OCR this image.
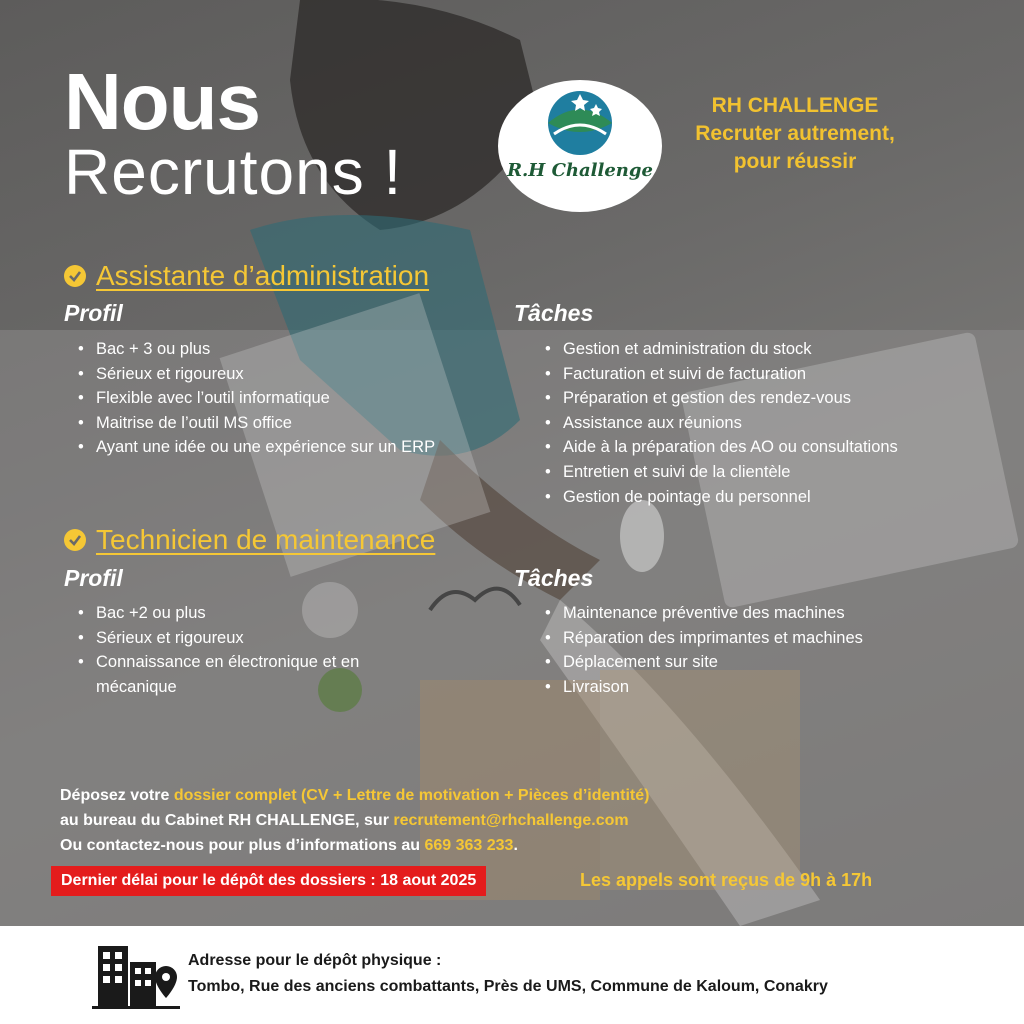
Nous
Recrutons !	R.H Challenge
RH CHALLENGE
Recruter autrement,
pour réussir
Assistante d’administration
Profil	Tâches
• Bac + 3 ou plus
• Sérieux et rigoureux
• Flexible avec l’outil informatique
• Maitrise de l’outil MS office
• Ayant une idée ou une expérience sur un ERP
• Gestion et administration du stock
• Facturation et suivi de facturation
• Préparation et gestion des rendez-vous
• Assistance aux réunions
• Aide à la préparation des AO ou consultations
• Entretien et suivi de la clientèle
• Gestion de pointage du personnel
Technicien de maintenance
Profil	Tâches
• Bac +2 ou plus
• Sérieux et rigoureux
• Connaissance en électronique et en mécanique
• Maintenance préventive des machines
• Réparation des imprimantes et machines
• Déplacement sur site
• Livraison
Déposez votre dossier complet (CV + Lettre de motivation + Pièces d’identité)
au bureau du Cabinet RH CHALLENGE, sur recrutement@rhchallenge.com
Ou contactez-nous pour plus d’informations au 669 363 233.
Dernier délai pour le dépôt des dossiers : 18 aout 2025	Les appels sont reçus de 9h à 17h
Adresse pour le dépôt physique :
Tombo, Rue des anciens combattants, Près de UMS, Commune de Kaloum, Conakry
